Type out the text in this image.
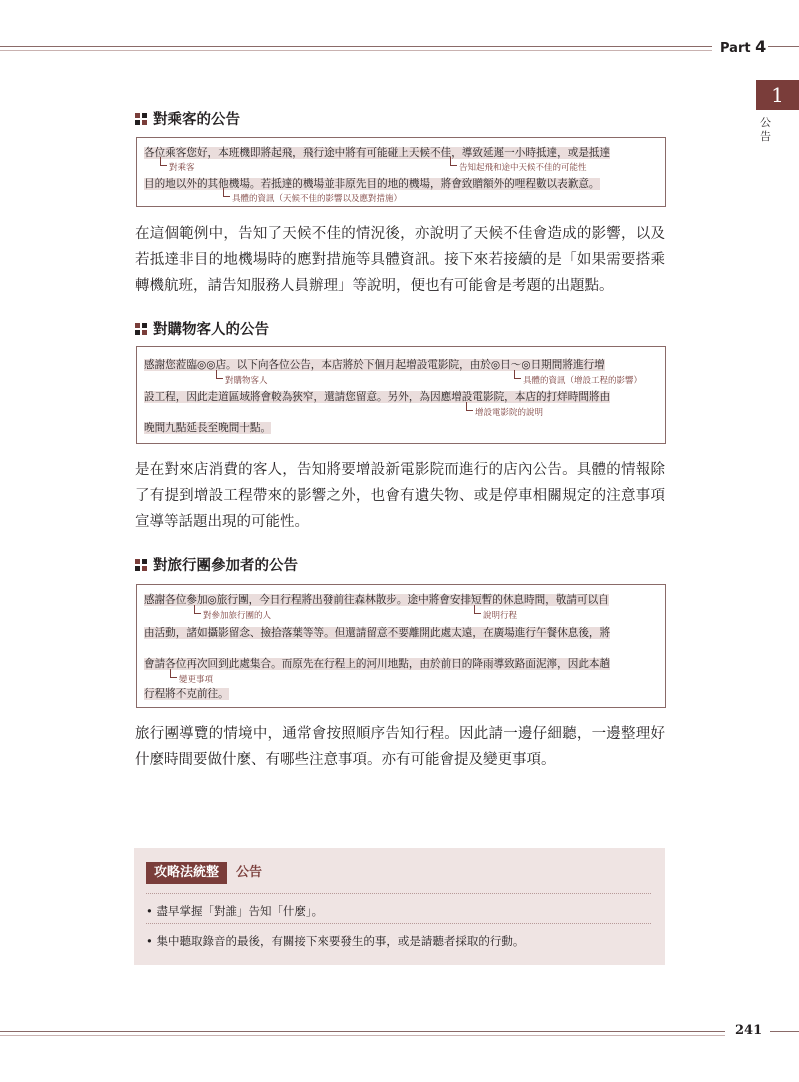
Part 4
1
公告
對乘客的公告
各位乘客您好，本班機即將起飛，飛行途中將有可能碰上天候不佳，導致延遲一小時抵達，或是抵達
對乘客	告知起飛和途中天候不佳的可能性
目的地以外的其他機場。若抵達的機場並非原先目的地的機場，將會致贈額外的哩程數以表歉意。
具體的資訊（天候不佳的影響以及應對措施）
在這個範例中，告知了天候不佳的情況後，亦說明了天候不佳會造成的影響，以及若抵達非目的地機場時的應對措施等具體資訊。接下來若接續的是「如果需要搭乘轉機航班，請告知服務人員辦理」等說明，便也有可能會是考題的出題點。
對購物客人的公告
感謝您蒞臨◎◎店。以下向各位公告，本店將於下個月起增設電影院，由於◎日～◎日期間將進行增
對購物客人	具體的資訊（增設工程的影響）
設工程，因此走道區域將會較為狹窄，還請您留意。另外，為因應增設電影院，本店的打烊時間將由
增設電影院的說明
晚間九點延長至晚間十點。
是在對來店消費的客人，告知將要增設新電影院而進行的店內公告。具體的情報除了有提到增設工程帶來的影響之外，也會有遺失物、或是停車相關規定的注意事項宣導等話題出現的可能性。
對旅行團參加者的公告
感謝各位參加◎旅行團，今日行程將出發前往森林散步。途中將會安排短暫的休息時間，敬請可以自
對參加旅行團的人	說明行程
由活動，諸如攝影留念、撿拾落葉等等。但還請留意不要離開此處太遠，在廣場進行午餐休息後，將
會請各位再次回到此處集合。而原先在行程上的河川地點，由於前日的降雨導致路面泥濘，因此本趟
變更事項
行程將不克前往。
旅行團導覽的情境中，通常會按照順序告知行程。因此請一邊仔細聽，一邊整理好什麼時間要做什麼、有哪些注意事項。亦有可能會提及變更事項。
攻略法統整	公告
• 盡早掌握「對誰」告知「什麼」。
• 集中聽取錄音的最後，有關接下來要發生的事，或是請聽者採取的行動。
241
